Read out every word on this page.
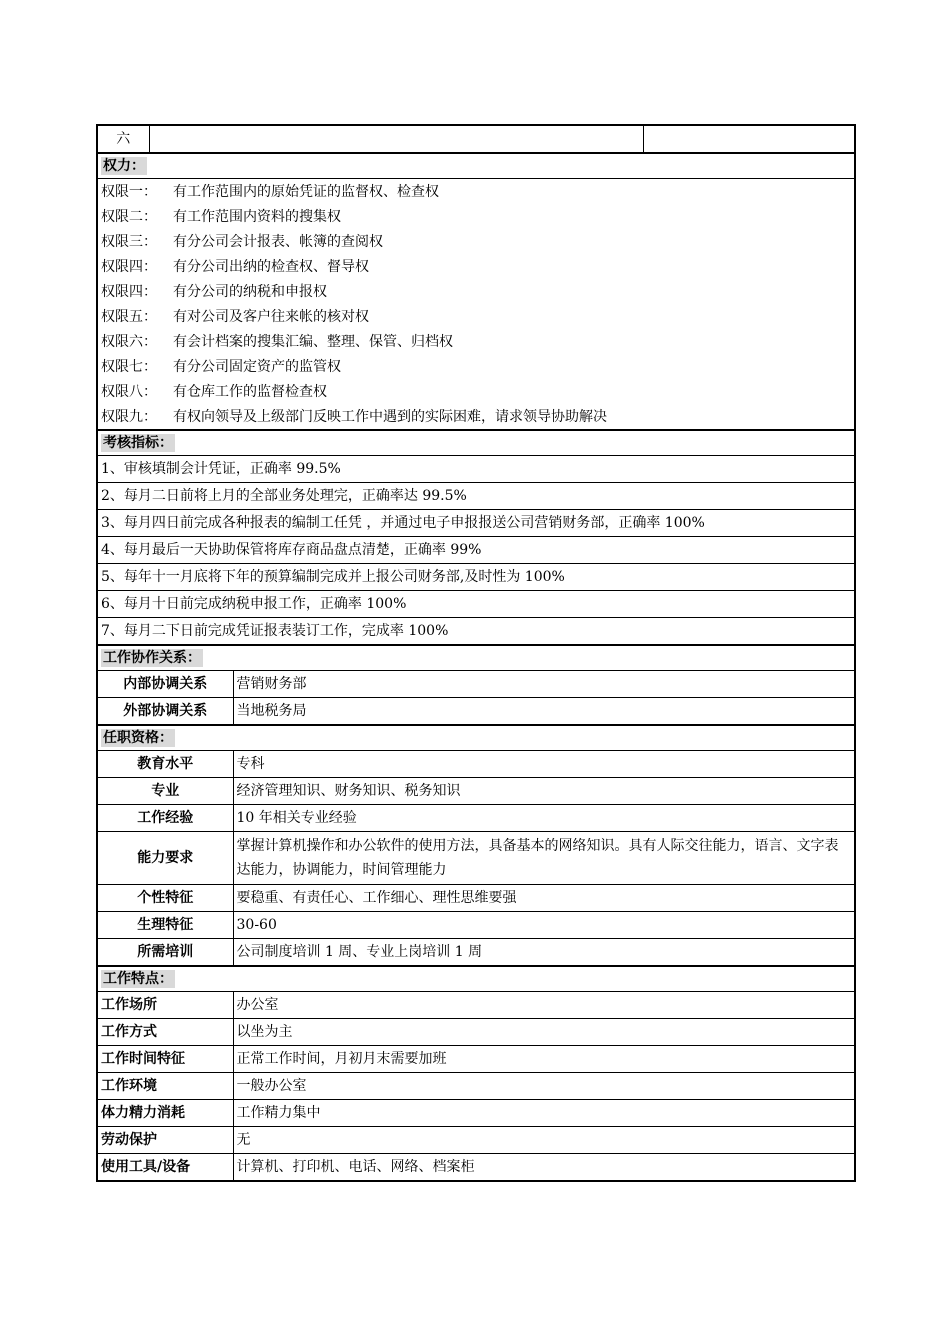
六			
权力：			
权限一： 有工作范围内的原始凭证的监督权、检查权			
权限二： 有工作范围内资料的搜集权			
权限三： 有分公司会计报表、帐簿的查阅权			
权限四： 有分公司出纳的检查权、督导权			
权限四： 有分公司的纳税和申报权			
权限五： 有对公司及客户往来帐的核对权			
权限六： 有会计档案的搜集汇编、整理、保管、归档权			
权限七： 有分公司固定资产的监管权			
权限八： 有仓库工作的监督检查权			
权限九： 有权向领导及上级部门反映工作中遇到的实际困难，请求领导协助解决			
考核指标：			
1、审核填制会计凭证，正确率 99.5%			
2、每月二日前将上月的全部业务处理完，正确率达 99.5%			
3、每月四日前完成各种报表的编制工任凭 ，并通过电子申报报送公司营销财务部，正确率 100%			
4、每月最后一天协助保管将库存商品盘点清楚，正确率 99%			
5、每年十一月底将下年的预算编制完成并上报公司财务部,及时性为 100%			
6、每月十日前完成纳税申报工作，正确率 100%			
7、每月二下日前完成凭证报表装订工作，完成率 100%			
工作协作关系：			
内部协调关系		营销财务部	
外部协调关系		当地税务局	
任职资格：			
教育水平		专科	
专业		经济管理知识、财务知识、税务知识	
工作经验		10 年相关专业经验	
能力要求		掌握计算机操作和办公软件的使用方法，具备基本的网络知识。具有人际交往能力，语言、文字表达能力，协调能力，时间管理能力	
个性特征		要稳重、有责任心、工作细心、理性思维要强	
生理特征		30-60	
所需培训		公司制度培训 1 周、专业上岗培训 1 周	
工作特点：			
工作场所		办公室	
工作方式		以坐为主	
工作时间特征		正常工作时间，月初月末需要加班	
工作环境		一般办公室	
体力精力消耗		工作精力集中	
劳动保护		无	
使用工具/设备		计算机、打印机、电话、网络、档案柜	
